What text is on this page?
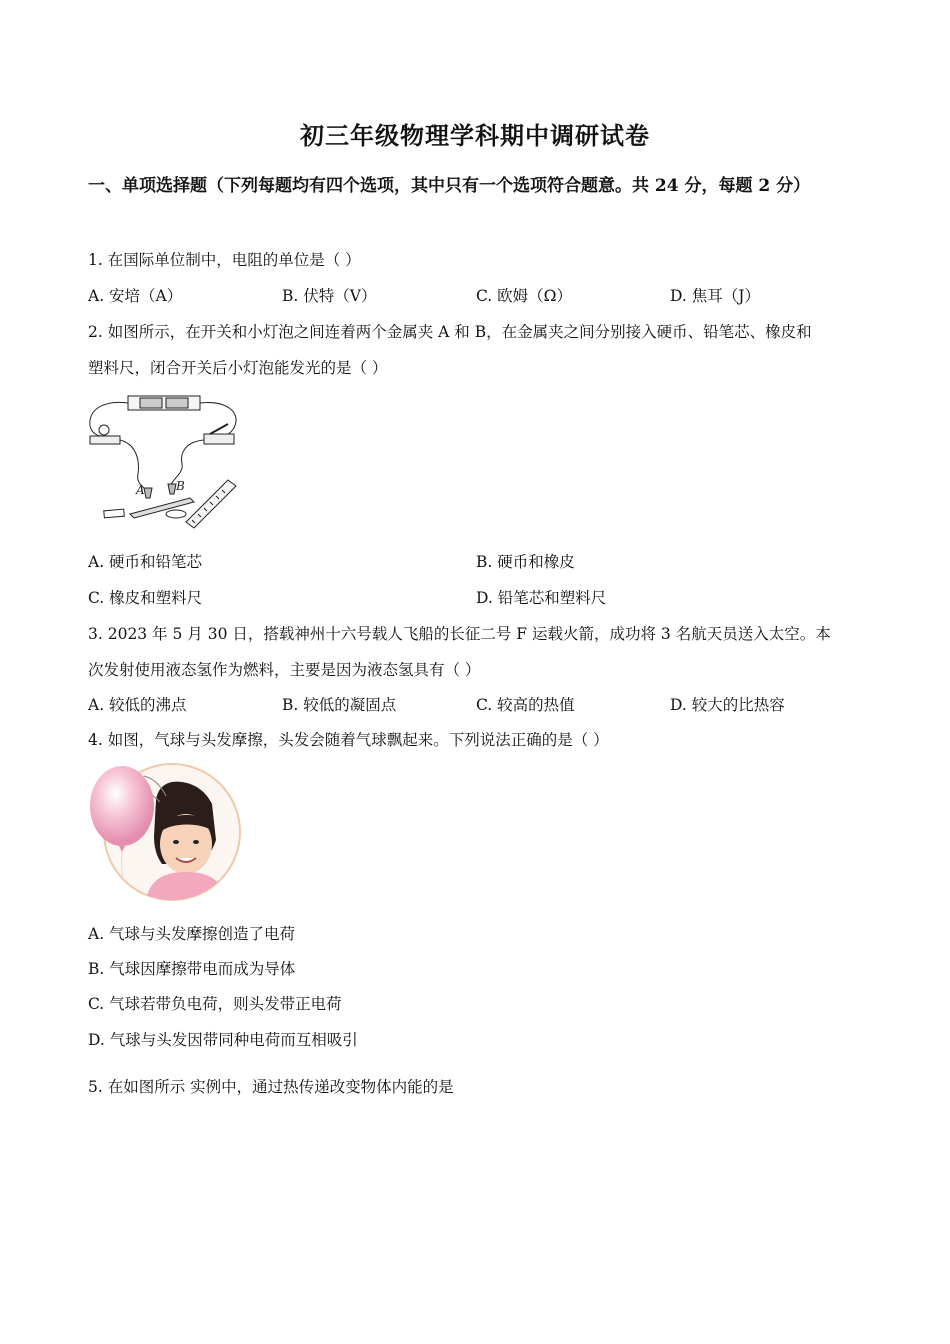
初三年级物理学科期中调研试卷
一、单项选择题（下列每题均有四个选项，其中只有一个选项符合题意。共 24 分，每题 2 分）
1. 在国际单位制中，电阻的单位是（ ）
A. 安培（A）	B. 伏特（V）	C. 欧姆（Ω）	D. 焦耳（J）
2. 如图所示，在开关和小灯泡之间连着两个金属夹 A 和 B，在金属夹之间分别接入硬币、铅笔芯、橡皮和
塑料尺，闭合开关后小灯泡能发光的是（ ）
A	B
A. 硬币和铅笔芯	B. 硬币和橡皮
C. 橡皮和塑料尺	D. 铅笔芯和塑料尺
3. 2023 年 5 月 30 日，搭载神州十六号载人飞船的长征二号 F 运载火箭，成功将 3 名航天员送入太空。本
次发射使用液态氢作为燃料，主要是因为液态氢具有（ ）
A. 较低的沸点	B. 较低的凝固点	C. 较高的热值	D. 较大的比热容
4. 如图，气球与头发摩擦，头发会随着气球飘起来。下列说法正确的是（ ）
A. 气球与头发摩擦创造了电荷
B. 气球因摩擦带电而成为导体
C. 气球若带负电荷，则头发带正电荷
D. 气球与头发因带同种电荷而互相吸引
5. 在如图所示 实例中，通过热传递改变物体内能的是
